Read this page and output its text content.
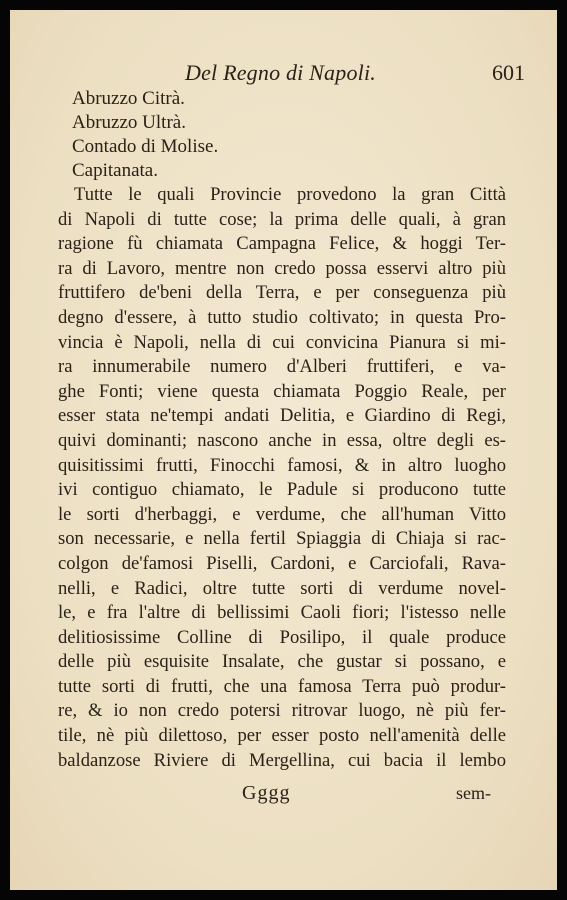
Del Regno di Napoli.	601
Abruzzo Citrà.
Abruzzo Ultrà.
Contado di Molise.
Capitanata.
Tutte le quali Provincie provedono la gran Città
di Napoli di tutte cose; la prima delle quali, à gran
ragione fù chiamata Campagna Felice, & hoggi Ter-
ra di Lavoro, mentre non credo possa esservi altro più
fruttifero de'beni della Terra, e per conseguenza più
degno d'essere, à tutto studio coltivato; in questa Pro-
vincia è Napoli, nella di cui convicina Pianura si mi-
ra innumerabile numero d'Alberi fruttiferi, e va-
ghe Fonti; viene questa chiamata Poggio Reale, per
esser stata ne'tempi andati Delitia, e Giardino di Regi,
quivi dominanti; nascono anche in essa, oltre degli es-
quisitissimi frutti, Finocchi famosi, & in altro luogho
ivi contiguo chiamato, le Padule si producono tutte
le sorti d'herbaggi, e verdume, che all'human Vitto
son necessarie, e nella fertil Spiaggia di Chiaja si rac-
colgon de'famosi Piselli, Cardoni, e Carciofali, Rava-
nelli, e Radici, oltre tutte sorti di verdume novel-
le, e fra l'altre di bellissimi Caoli fiori; l'istesso nelle
delitiosissime Colline di Posilipo, il quale produce
delle più esquisite Insalate, che gustar si possano, e
tutte sorti di frutti, che una famosa Terra può produr-
re, & io non credo potersi ritrovar luogo, nè più fer-
tile, nè più dilettoso, per esser posto nell'amenità delle
baldanzose Riviere di Mergellina, cui bacia il lembo
Gggg	sem-
